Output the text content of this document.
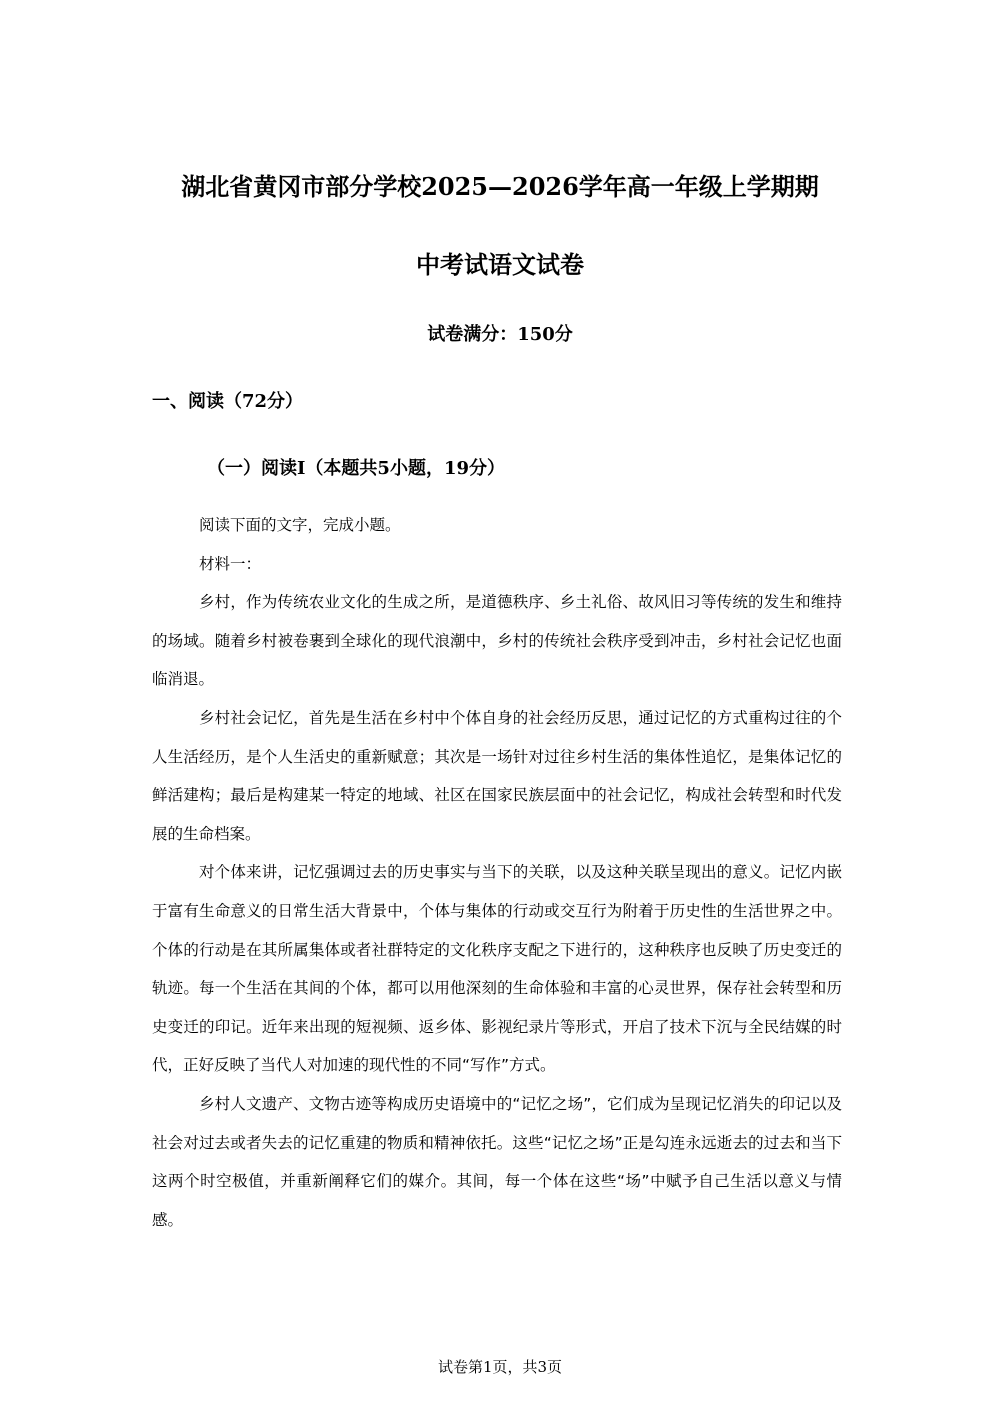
湖北省黄冈市部分学校2025—2026学年高一年级上学期期
中考试语文试卷
试卷满分：150分
一、阅读（72分）
（一）阅读Ⅰ（本题共5小题，19分）

阅读下面的文字，完成小题。

材料一：

乡村，作为传统农业文化的生成之所，是道德秩序、乡土礼俗、故风旧习等传统的发生和维持的场域。随着乡村被卷裹到全球化的现代浪潮中，乡村的传统社会秩序受到冲击，乡村社会记忆也面临消退。

乡村社会记忆，首先是生活在乡村中个体自身的社会经历反思，通过记忆的方式重构过往的个人生活经历，是个人生活史的重新赋意；其次是一场针对过往乡村生活的集体性追忆，是集体记忆的鲜活建构；最后是构建某一特定的地域、社区在国家民族层面中的社会记忆，构成社会转型和时代发展的生命档案。

对个体来讲，记忆强调过去的历史事实与当下的关联，以及这种关联呈现出的意义。记忆内嵌于富有生命意义的日常生活大背景中，个体与集体的行动或交互行为附着于历史性的生活世界之中。个体的行动是在其所属集体或者社群特定的文化秩序支配之下进行的，这种秩序也反映了历史变迁的轨迹。每一个生活在其间的个体，都可以用他深刻的生命体验和丰富的心灵世界，保存社会转型和历史变迁的印记。近年来出现的短视频、返乡体、影视纪录片等形式，开启了技术下沉与全民结媒的时代，正好反映了当代人对加速的现代性的不同“写作”方式。

乡村人文遗产、文物古迹等构成历史语境中的“记忆之场”，它们成为呈现记忆消失的印记以及社会对过去或者失去的记忆重建的物质和精神依托。这些“记忆之场”正是勾连永远逝去的过去和当下这两个时空极值，并重新阐释它们的媒介。其间，每一个体在这些“场”中赋予自己生活以意义与情感。

试卷第1页，共3页
